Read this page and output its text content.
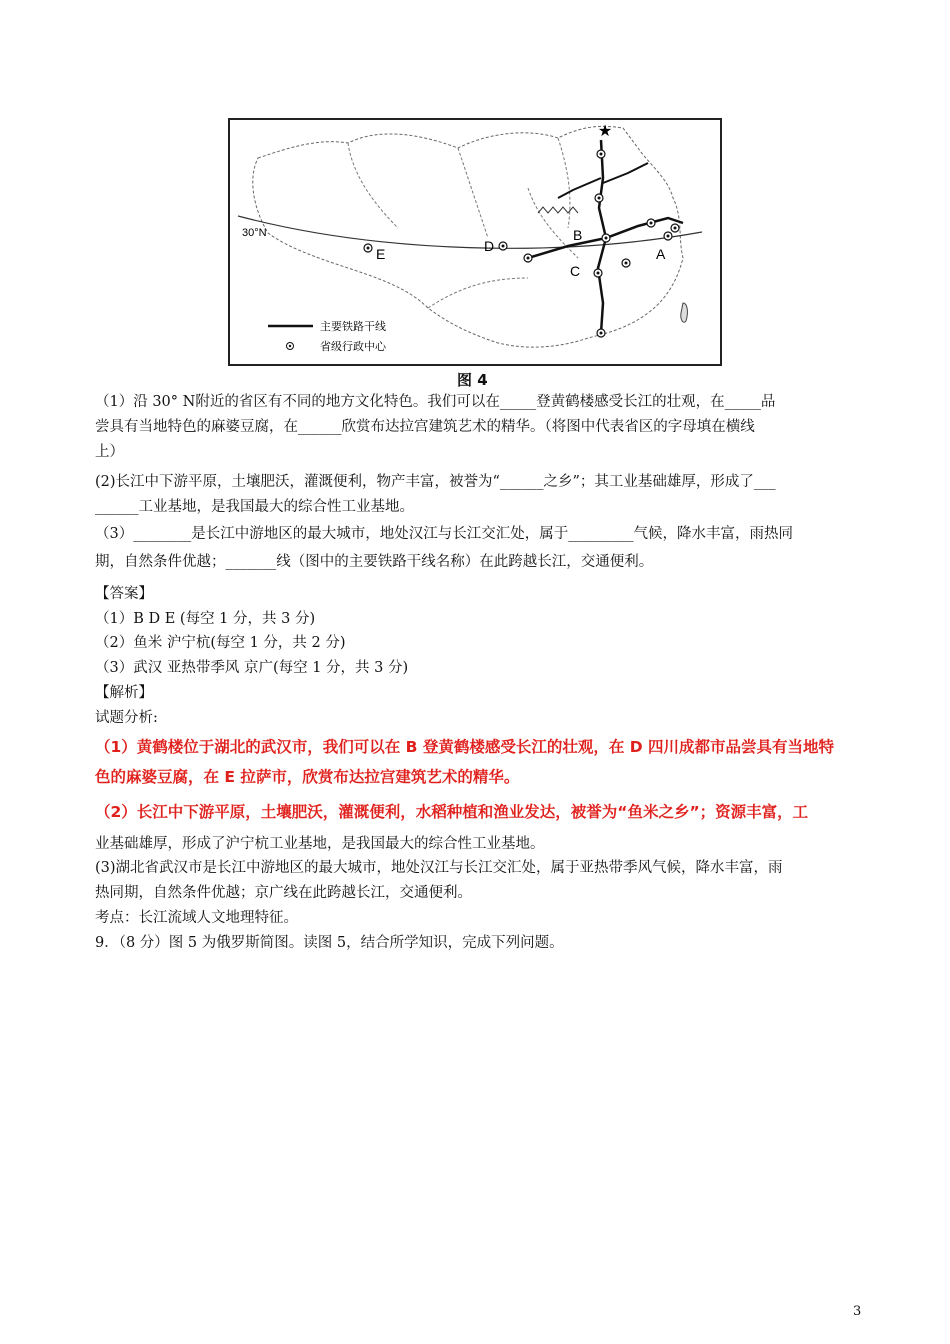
30°N
★
A
B
C
D
E
主要铁路干线
省级行政中心
图 4
（1）沿 30° N附近的省区有不同的地方文化特色。我们可以在_____登黄鹤楼感受长江的壮观，在_____品
尝具有当地特色的麻婆豆腐，在______欣赏布达拉宫建筑艺术的精华。（将图中代表省区的字母填在横线
上）
(2)长江中下游平原，土壤肥沃，灌溉便利，物产丰富，被誉为“______之乡”；其工业基础雄厚，形成了___
______工业基地，是我国最大的综合性工业基地。
（3）________是长江中游地区的最大城市，地处汉江与长江交汇处，属于_________气候，降水丰富，雨热同
期，自然条件优越；_______线（图中的主要铁路干线名称）在此跨越长江，交通便利。
【答案】
（1）B D E (每空 1 分，共 3 分)
（2）鱼米 沪宁杭(每空 1 分，共 2 分)
（3）武汉 亚热带季风 京广(每空 1 分，共 3 分)
【解析】
试题分析:
（1）黄鹤楼位于湖北的武汉市，我们可以在 B 登黄鹤楼感受长江的壮观，在 D 四川成都市品尝具有当地特
色的麻婆豆腐，在 E 拉萨市，欣赏布达拉宫建筑艺术的精华。
（2）长江中下游平原，土壤肥沃，灌溉便利，水稻种植和渔业发达，被誉为“鱼米之乡”；资源丰富，工
业基础雄厚，形成了沪宁杭工业基地，是我国最大的综合性工业基地。
(3)湖北省武汉市是长江中游地区的最大城市，地处汉江与长江交汇处，属于亚热带季风气候，降水丰富，雨
热同期，自然条件优越；京广线在此跨越长江，交通便利。
考点：长江流域人文地理特征。
9．（8 分）图 5 为俄罗斯简图。读图 5，结合所学知识，完成下列问题。
3
